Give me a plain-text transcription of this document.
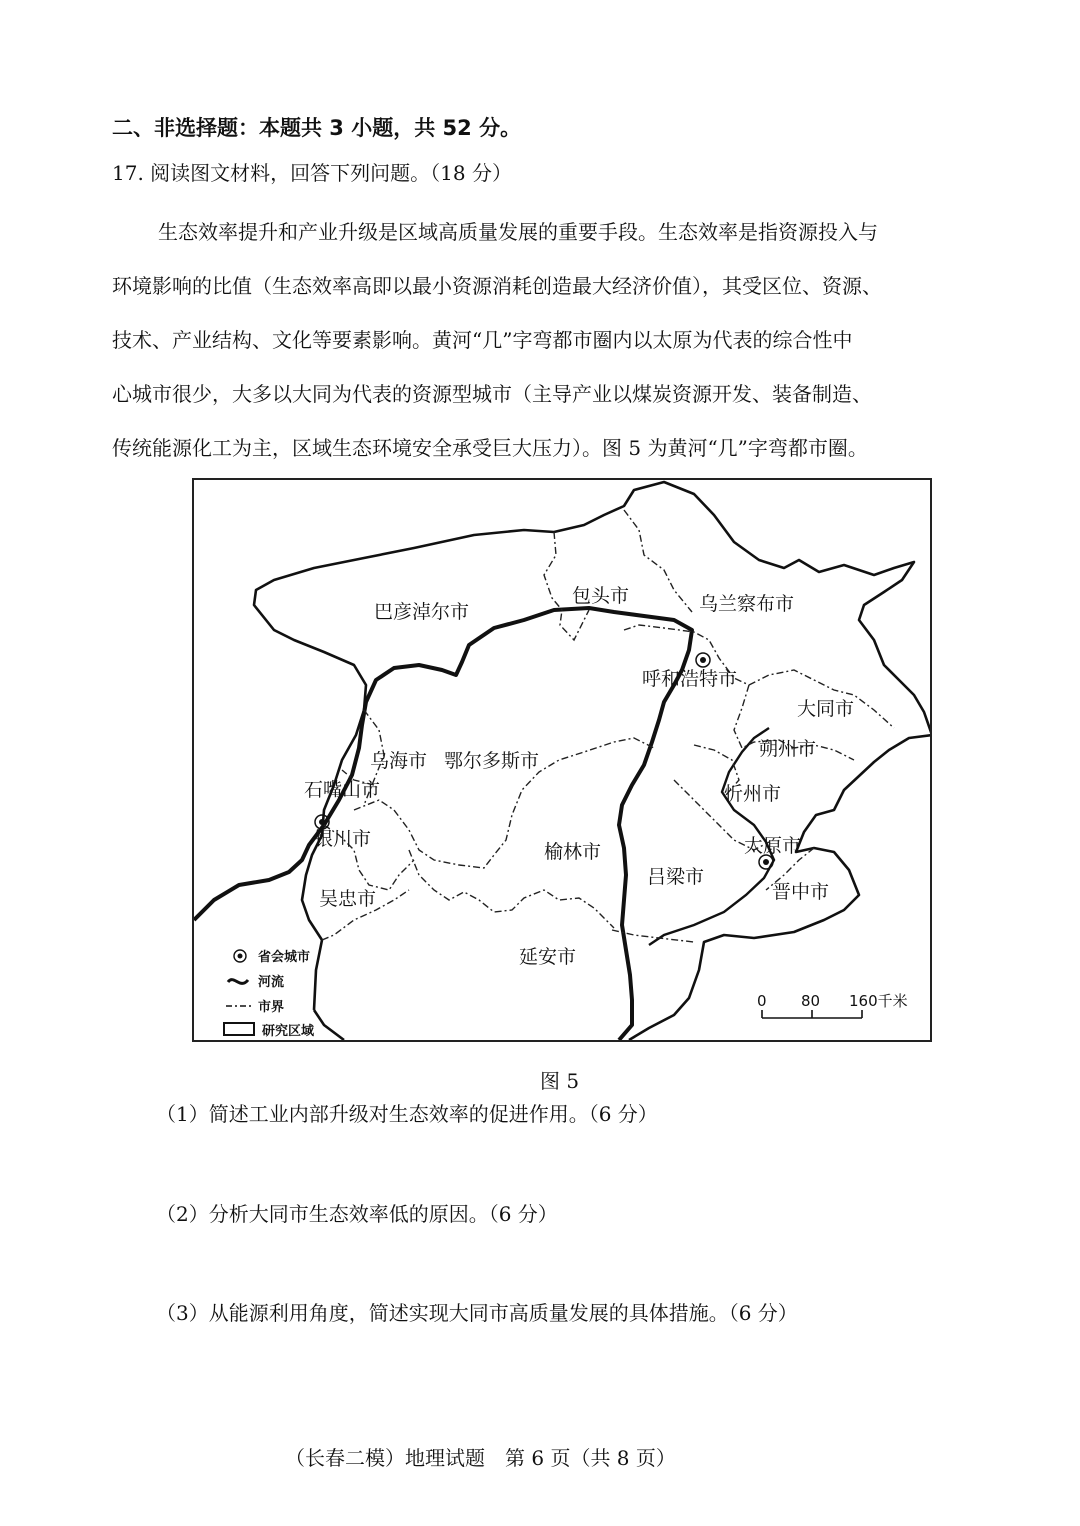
二、非选择题：本题共 3 小题，共 52 分。
17. 阅读图文材料，回答下列问题。（18 分）
生态效率提升和产业升级是区域高质量发展的重要手段。生态效率是指资源投入与
环境影响的比值（生态效率高即以最小资源消耗创造最大经济价值），其受区位、资源、
技术、产业结构、文化等要素影响。黄河“几”字弯都市圈内以太原为代表的综合性中
心城市很少，大多以大同为代表的资源型城市（主导产业以煤炭资源开发、装备制造、
传统能源化工为主，区域生态环境安全承受巨大压力）。图 5 为黄河“几”字弯都市圈。
巴彦淖尔市
包头市	乌兰察布市
呼和浩特市
大同市
乌海市 鄂尔多斯市
朔州市
石嘴山市	忻州市
银川市
榆林市	太原市
吕梁市
晋中市
吴忠市
延安市
省会城市
河流
市界
研究区域
0 80 160千米
图 5
（1）简述工业内部升级对生态效率的促进作用。（6 分）
（2）分析大同市生态效率低的原因。（6 分）
（3）从能源利用角度，简述实现大同市高质量发展的具体措施。（6 分）
（长春二模）地理试题　第 6 页（共 8 页）
